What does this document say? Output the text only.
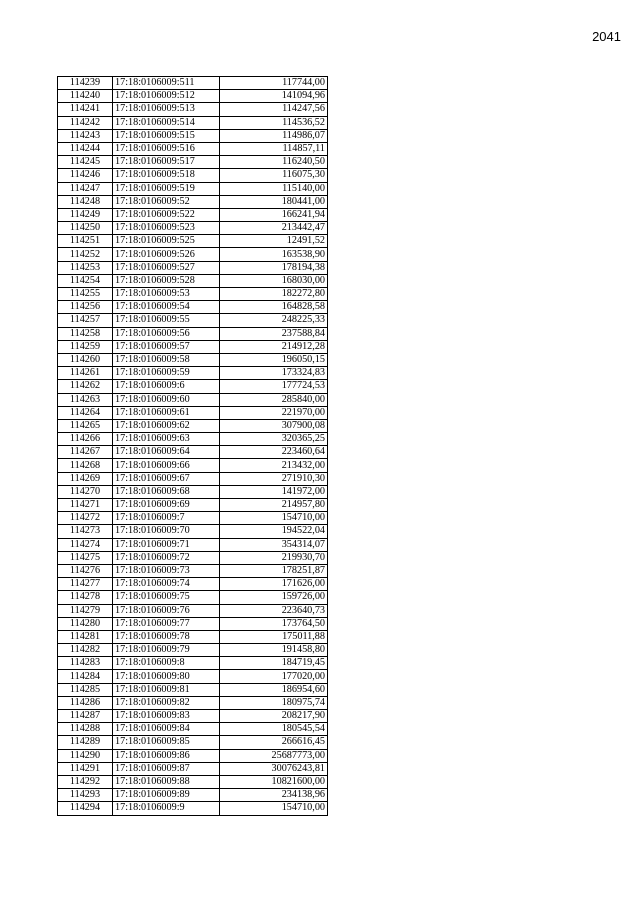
2041
114239	17:18:0106009:511	117744,00
114240	17:18:0106009:512	141094,96
114241	17:18:0106009:513	114247,56
114242	17:18:0106009:514	114536,52
114243	17:18:0106009:515	114986,07
114244	17:18:0106009:516	114857,11
114245	17:18:0106009:517	116240,50
114246	17:18:0106009:518	116075,30
114247	17:18:0106009:519	115140,00
114248	17:18:0106009:52	180441,00
114249	17:18:0106009:522	166241,94
114250	17:18:0106009:523	213442,47
114251	17:18:0106009:525	12491,52
114252	17:18:0106009:526	163538,90
114253	17:18:0106009:527	178194,38
114254	17:18:0106009:528	168030,00
114255	17:18:0106009:53	182272,80
114256	17:18:0106009:54	164828,58
114257	17:18:0106009:55	248225,33
114258	17:18:0106009:56	237588,84
114259	17:18:0106009:57	214912,28
114260	17:18:0106009:58	196050,15
114261	17:18:0106009:59	173324,83
114262	17:18:0106009:6	177724,53
114263	17:18:0106009:60	285840,00
114264	17:18:0106009:61	221970,00
114265	17:18:0106009:62	307900,08
114266	17:18:0106009:63	320365,25
114267	17:18:0106009:64	223460,64
114268	17:18:0106009:66	213432,00
114269	17:18:0106009:67	271910,30
114270	17:18:0106009:68	141972,00
114271	17:18:0106009:69	214957,80
114272	17:18:0106009:7	154710,00
114273	17:18:0106009:70	194522,04
114274	17:18:0106009:71	354314,07
114275	17:18:0106009:72	219930,70
114276	17:18:0106009:73	178251,87
114277	17:18:0106009:74	171626,00
114278	17:18:0106009:75	159726,00
114279	17:18:0106009:76	223640,73
114280	17:18:0106009:77	173764,50
114281	17:18:0106009:78	175011,88
114282	17:18:0106009:79	191458,80
114283	17:18:0106009:8	184719,45
114284	17:18:0106009:80	177020,00
114285	17:18:0106009:81	186954,60
114286	17:18:0106009:82	180975,74
114287	17:18:0106009:83	208217,90
114288	17:18:0106009:84	180545,54
114289	17:18:0106009:85	266616,45
114290	17:18:0106009:86	25687773,00
114291	17:18:0106009:87	30076243,81
114292	17:18:0106009:88	10821600,00
114293	17:18:0106009:89	234138,96
114294	17:18:0106009:9	154710,00
